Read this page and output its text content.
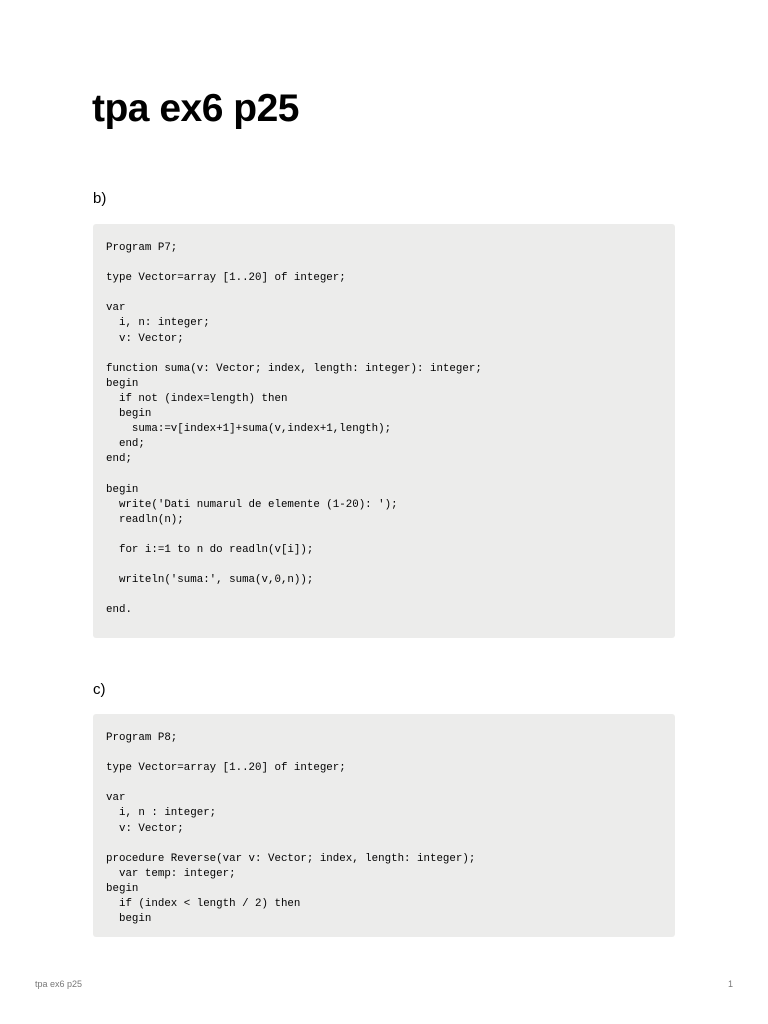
tpa ex6 p25

b)

Program P7;

type Vector=array [1..20] of integer;

var
i, n: integer;
v: Vector;

function suma(v: Vector; index, length: integer): integer;
begin
if not (index=length) then
begin
suma:=v[index+1]+suma(v,index+1,length);
end;
end;

begin
write('Dati numarul de elemente (1-20): ');
readln(n);

for i:=1 to n do readln(v[i]);

writeln('suma:', suma(v,0,n));

end.

c)

Program P8;

type Vector=array [1..20] of integer;

var
i, n : integer;
v: Vector;

procedure Reverse(var v: Vector; index, length: integer);
var temp: integer;
begin
if (index < length / 2) then
begin
tpa ex6 p25	1
